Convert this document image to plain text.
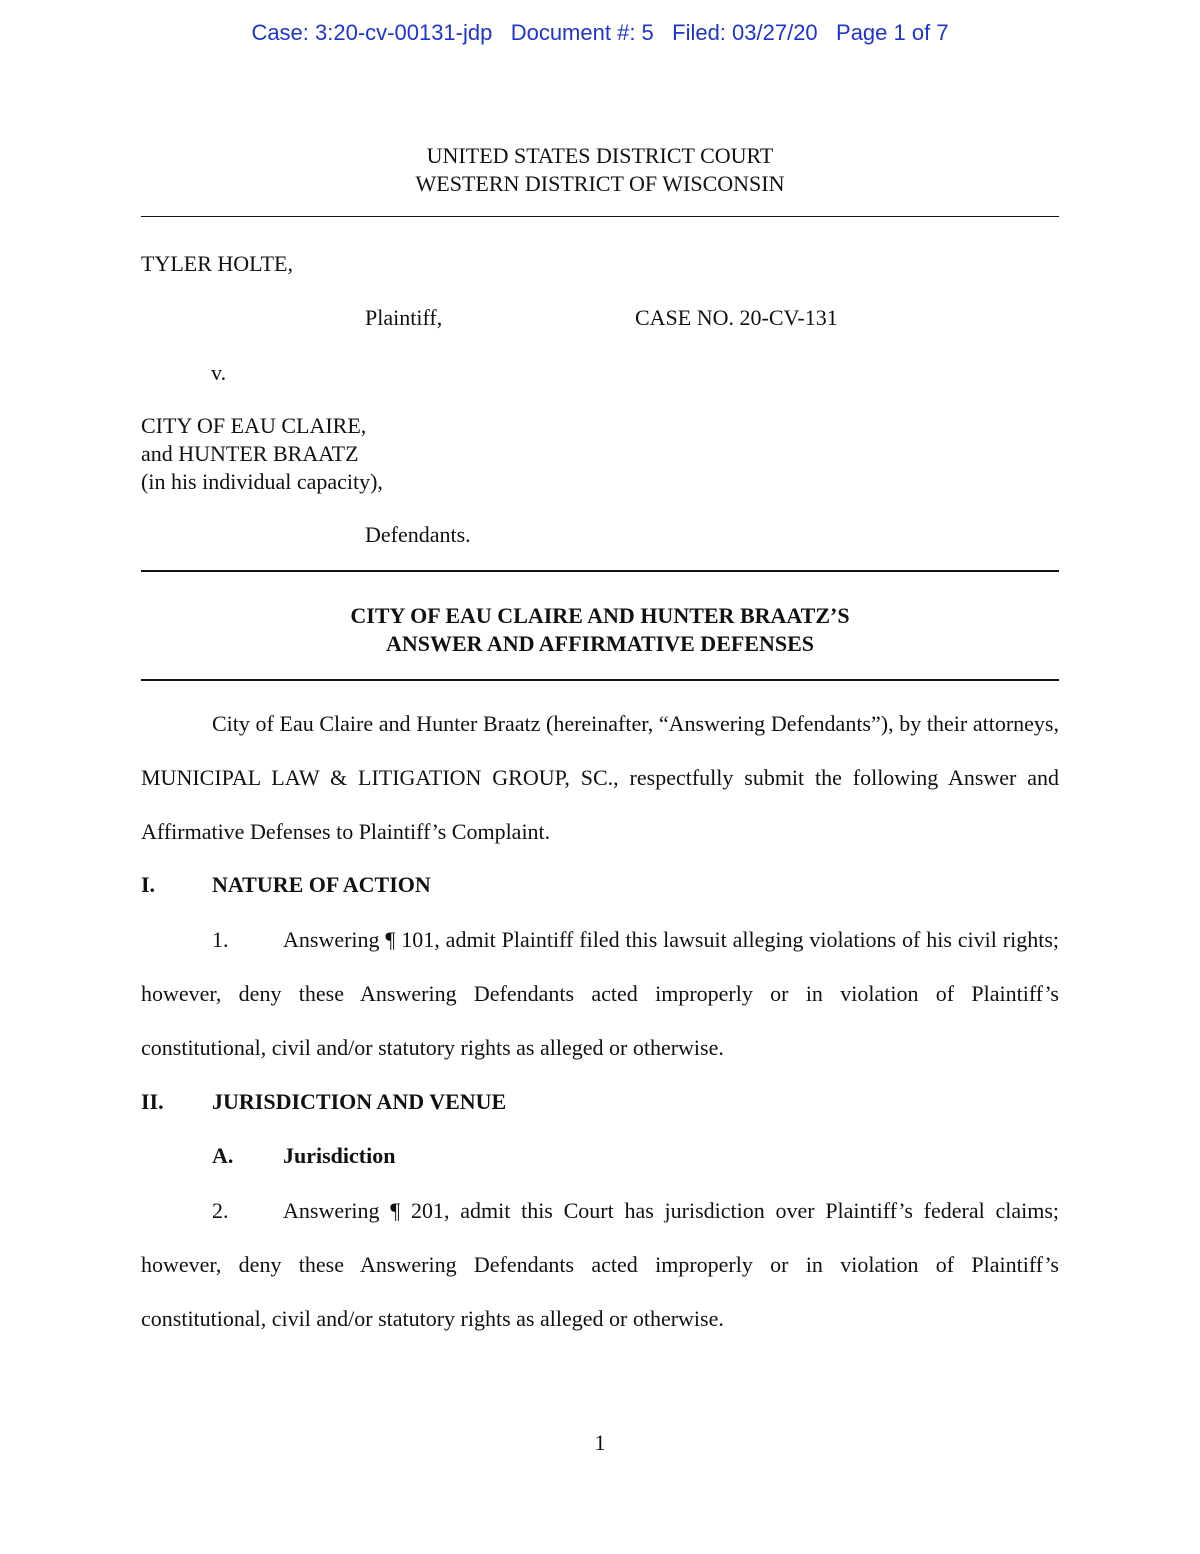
Case: 3:20-cv-00131-jdp Document #: 5 Filed: 03/27/20 Page 1 of 7
UNITED STATES DISTRICT COURT
WESTERN DISTRICT OF WISCONSIN
TYLER HOLTE,
Plaintiff,	CASE NO. 20-CV-131
v.
CITY OF EAU CLAIRE,
and HUNTER BRAATZ
(in his individual capacity),
Defendants.
CITY OF EAU CLAIRE AND HUNTER BRAATZ’S
ANSWER AND AFFIRMATIVE DEFENSES
City of Eau Claire and Hunter Braatz (hereinafter, “Answering Defendants”), by their attorneys, MUNICIPAL LAW & LITIGATION GROUP, SC., respectfully submit the following Answer and Affirmative Defenses to Plaintiff’s Complaint.
I.	NATURE OF ACTION
1. Answering ¶ 101, admit Plaintiff filed this lawsuit alleging violations of his civil rights; however, deny these Answering Defendants acted improperly or in violation of Plaintiff’s constitutional, civil and/or statutory rights as alleged or otherwise.
II. JURISDICTION AND VENUE
A. Jurisdiction
2. Answering ¶ 201, admit this Court has jurisdiction over Plaintiff’s federal claims; however, deny these Answering Defendants acted improperly or in violation of Plaintiff’s constitutional, civil and/or statutory rights as alleged or otherwise.
1
